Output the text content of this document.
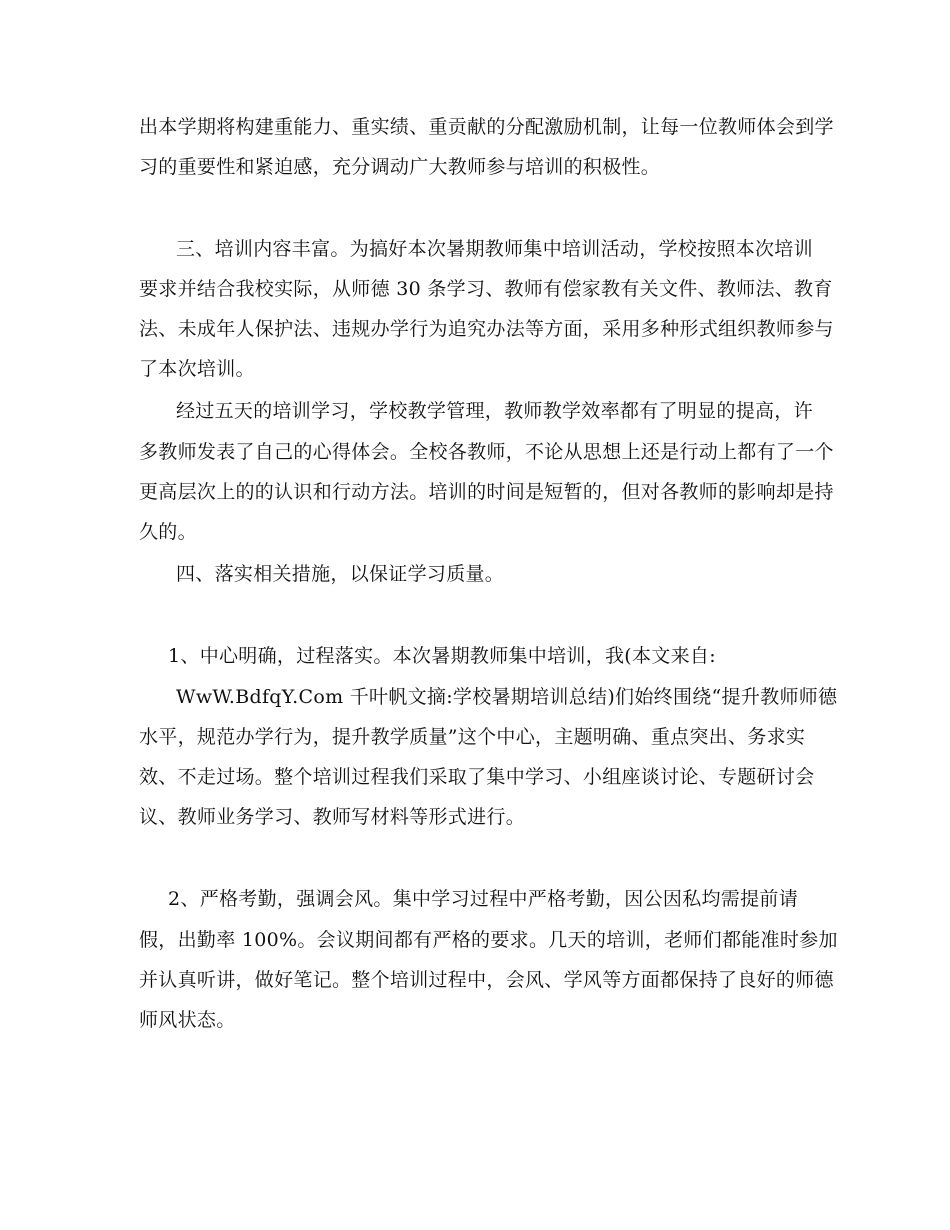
出本学期将构建重能力、重实绩、重贡献的分配激励机制，让每一位教师体会到学
习的重要性和紧迫感，充分调动广大教师参与培训的积极性。
三、培训内容丰富。为搞好本次暑期教师集中培训活动，学校按照本次培训
要求并结合我校实际，从师德 30 条学习、教师有偿家教有关文件、教师法、教育
法、未成年人保护法、违规办学行为追究办法等方面，采用多种形式组织教师参与
了本次培训。
经过五天的培训学习，学校教学管理，教师教学效率都有了明显的提高，许
多教师发表了自己的心得体会。全校各教师，不论从思想上还是行动上都有了一个
更高层次上的的认识和行动方法。培训的时间是短暂的，但对各教师的影响却是持
久的。
四、落实相关措施，以保证学习质量。
1、中心明确，过程落实。本次暑期教师集中培训，我(本文来自:
WwW.BdfqY.Com 千叶帆文摘:学校暑期培训总结)们始终围绕“提升教师师德
水平，规范办学行为，提升教学质量”这个中心，主题明确、重点突出、务求实
效、不走过场。整个培训过程我们采取了集中学习、小组座谈讨论、专题研讨会
议、教师业务学习、教师写材料等形式进行。
2、严格考勤，强调会风。集中学习过程中严格考勤，因公因私均需提前请
假，出勤率 100%。会议期间都有严格的要求。几天的培训，老师们都能准时参加
并认真听讲，做好笔记。整个培训过程中，会风、学风等方面都保持了良好的师德
师风状态。
